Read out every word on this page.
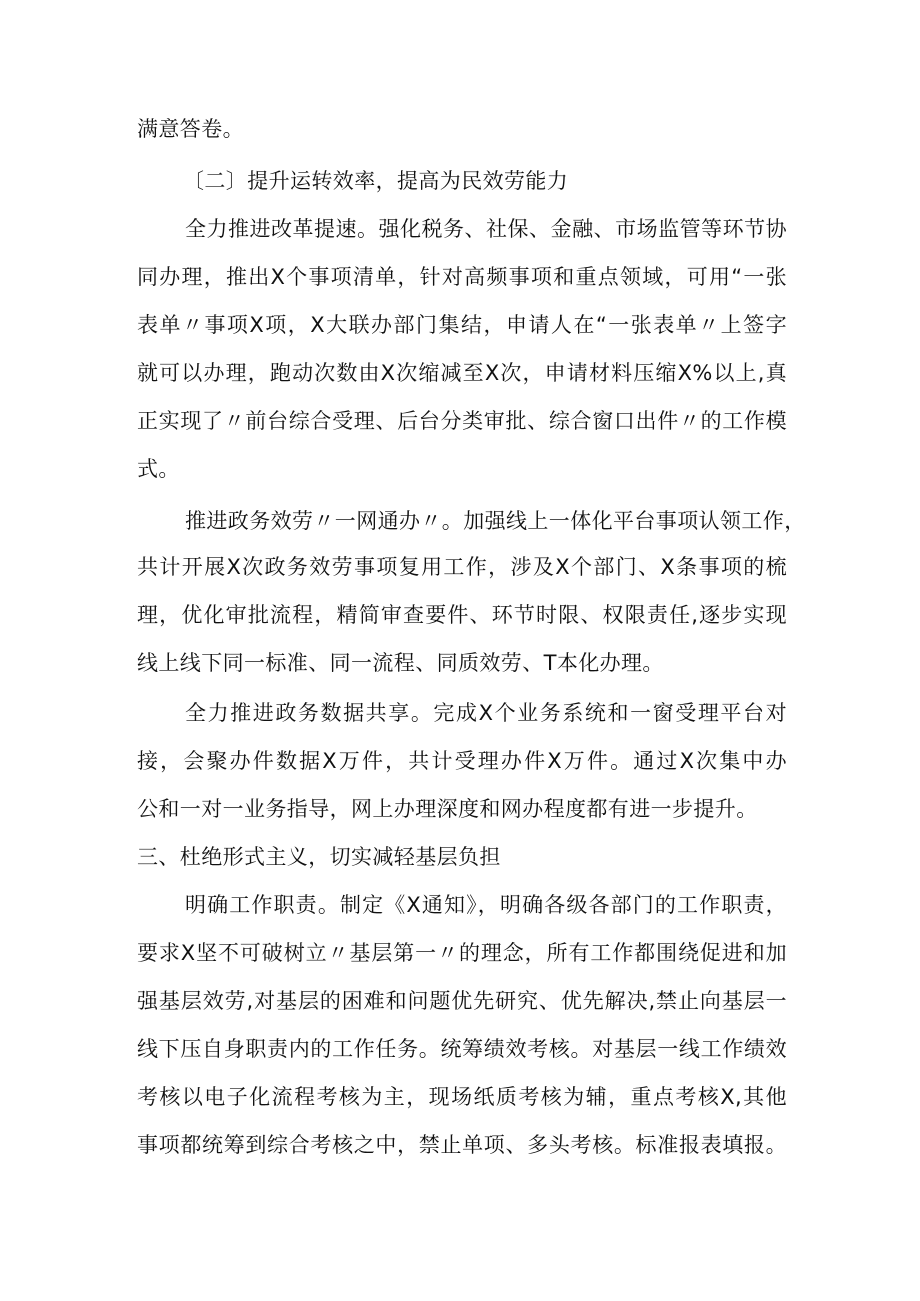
满意答卷。
〔二〕提升运转效率，提高为民效劳能力
全力推进改革提速。强化税务、社保、金融、市场监管等环节协
同办理，推出X个事项清单，针对高频事项和重点领域，可用“一张
表单〃事项X项，X大联办部门集结，申请人在“一张表单〃上签字
就可以办理，跑动次数由X次缩减至X次，申请材料压缩X%以上,真
正实现了〃前台综合受理、后台分类审批、综合窗口出件〃的工作模
式。
推进政务效劳〃一网通办〃。加强线上一体化平台事项认领工作，
共计开展X次政务效劳事项复用工作，涉及X个部门、X条事项的梳
理，优化审批流程，精简审查要件、环节时限、权限责任,逐步实现
线上线下同一标准、同一流程、同质效劳、T本化办理。
全力推进政务数据共享。完成X个业务系统和一窗受理平台对
接，会聚办件数据X万件，共计受理办件X万件。通过X次集中办
公和一对一业务指导，网上办理深度和网办程度都有进一步提升。
三、杜绝形式主义，切实减轻基层负担
明确工作职责。制定《X通知》，明确各级各部门的工作职责，
要求X坚不可破树立〃基层第一〃的理念，所有工作都围绕促进和加
强基层效劳,对基层的困难和问题优先研究、优先解决,禁止向基层一
线下压自身职责内的工作任务。统筹绩效考核。对基层一线工作绩效
考核以电子化流程考核为主，现场纸质考核为辅，重点考核X,其他
事项都统筹到综合考核之中，禁止单项、多头考核。标准报表填报。
